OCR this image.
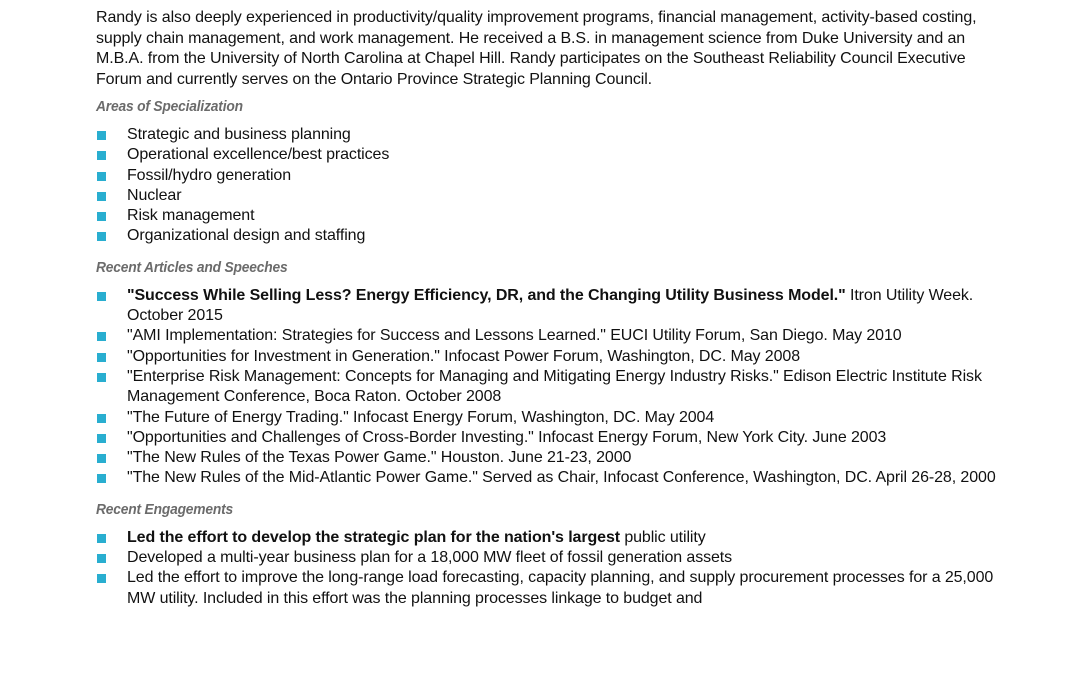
Randy is also deeply experienced in productivity/quality improvement programs, financial management, activity-based costing, supply chain management, and work management. He received a B.S. in management science from Duke University and an M.B.A. from the University of North Carolina at Chapel Hill. Randy participates on the Southeast Reliability Council Executive Forum and currently serves on the Ontario Province Strategic Planning Council.

Areas of Specialization
Strategic and business planning
Operational excellence/best practices
Fossil/hydro generation
Nuclear
Risk management
Organizational design and staffing
Recent Articles and Speeches
"Success While Selling Less? Energy Efficiency, DR, and the Changing Utility Business Model." Itron Utility Week. October 2015
"AMI Implementation: Strategies for Success and Lessons Learned." EUCI Utility Forum, San Diego. May 2010
"Opportunities for Investment in Generation." Infocast Power Forum, Washington, DC. May 2008
"Enterprise Risk Management: Concepts for Managing and Mitigating Energy Industry Risks." Edison Electric Institute Risk Management Conference, Boca Raton. October 2008
"The Future of Energy Trading." Infocast Energy Forum, Washington, DC. May 2004
"Opportunities and Challenges of Cross-Border Investing." Infocast Energy Forum, New York City. June 2003
"The New Rules of the Texas Power Game." Houston. June 21-23, 2000
"The New Rules of the Mid-Atlantic Power Game." Served as Chair, Infocast Conference, Washington, DC. April 26-28, 2000
Recent Engagements
Led the effort to develop the strategic plan for the nation's largest public utility
Developed a multi-year business plan for a 18,000 MW fleet of fossil generation assets
Led the effort to improve the long-range load forecasting, capacity planning, and supply procurement processes for a 25,000 MW utility. Included in this effort was the planning processes linkage to budget and
